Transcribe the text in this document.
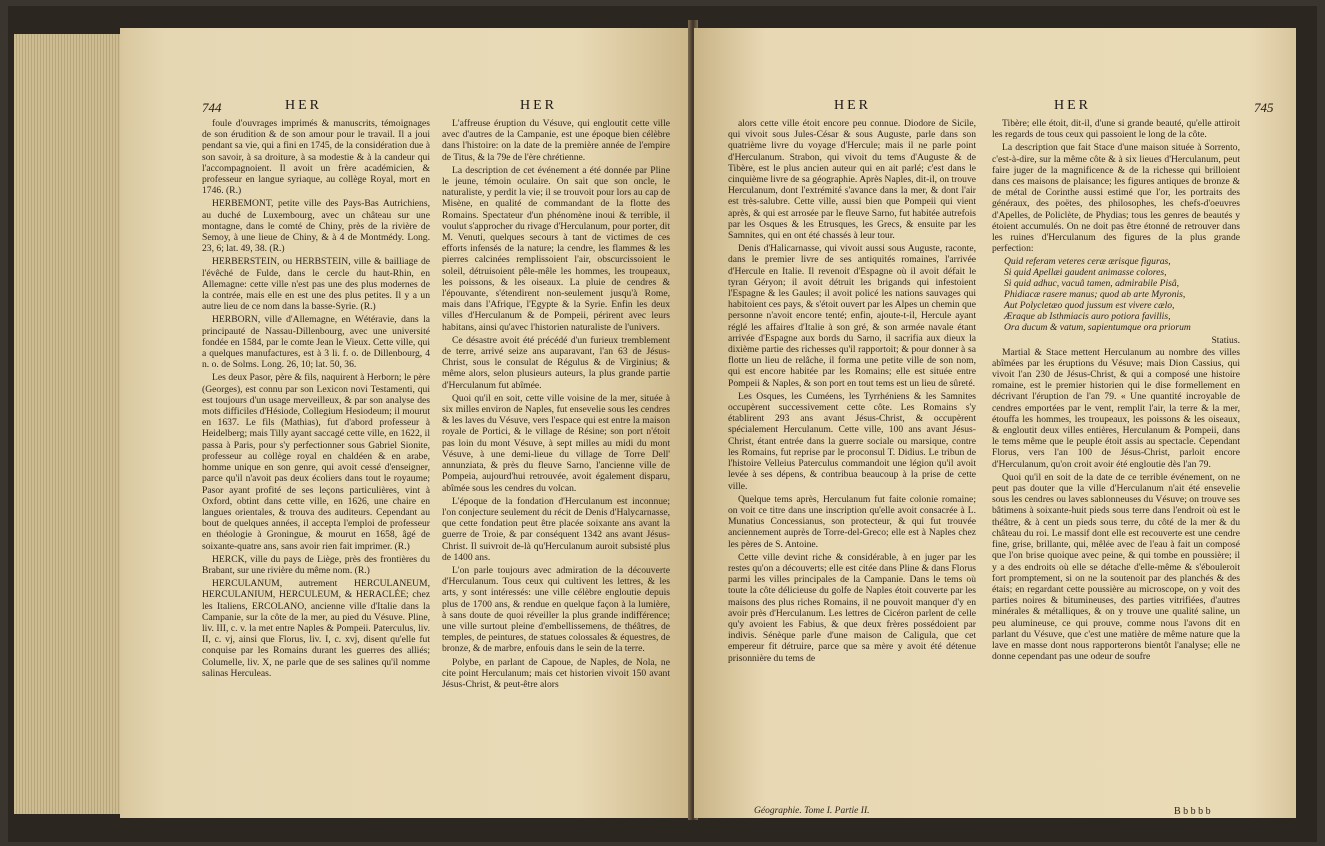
744	HER	HER

foule d'ouvrages imprimés & manuscrits, témoignages de son érudition & de son amour pour le travail. Il a joui pendant sa vie, qui a fini en 1745, de la considération due à son savoir, à sa droiture, à sa modestie & à la candeur qui l'accompagnoient. Il avoit un frère académicien, & professeur en langue syriaque, au collège Royal, mort en 1746. (R.)

HERBEMONT, petite ville des Pays-Bas Autrichiens, au duché de Luxembourg, avec un château sur une montagne, dans le comté de Chiny, près de la rivière de Semoy, à une lieue de Chiny, & à 4 de Montmédy. Long. 23, 6; lat. 49, 38. (R.)

HERBERSTEIN, ou HERBSTEIN, ville & bailliage de l'évêché de Fulde, dans le cercle du haut-Rhin, en Allemagne: cette ville n'est pas une des plus modernes de la contrée, mais elle en est une des plus petites. Il y a un autre lieu de ce nom dans la basse-Syrie. (R.)

HERBORN, ville d'Allemagne, en Wétéravie, dans la principauté de Nassau-Dillenbourg, avec une université fondée en 1584, par le comte Jean le Vieux. Cette ville, qui a quelques manufactures, est à 3 li. f. o. de Dillenbourg, 4 n. o. de Solms. Long. 26, 10; lat. 50, 36.

Les deux Pasor, père & fils, naquirent à Herborn; le père (Georges), est connu par son Lexicon novi Testamenti, qui est toujours d'un usage merveilleux, & par son analyse des mots difficiles d'Hésiode, Collegium Hesiodeum; il mourut en 1637. Le fils (Mathias), fut d'abord professeur à Heidelberg; mais Tilly ayant saccagé cette ville, en 1622, il passa à Paris, pour s'y perfectionner sous Gabriel Sionite, professeur au collège royal en chaldéen & en arabe, homme unique en son genre, qui avoit cessé d'enseigner, parce qu'il n'avoit pas deux écoliers dans tout le royaume; Pasor ayant profité de ses leçons particulières, vint à Oxford, obtint dans cette ville, en 1626, une chaire en langues orientales, & trouva des auditeurs. Cependant au bout de quelques années, il accepta l'emploi de professeur en théologie à Groningue, & mourut en 1658, âgé de soixante-quatre ans, sans avoir rien fait imprimer. (R.)

HERCK, ville du pays de Liège, près des frontières du Brabant, sur une rivière du même nom. (R.)

HERCULANUM, autrement HERCULANEUM, HERCULANIUM, HERCULEUM, & HERACLÉE; chez les Italiens, ERCOLANO, ancienne ville d'Italie dans la Campanie, sur la côte de la mer, au pied du Vésuve. Pline, liv. III, c. v. la met entre Naples & Pompeii. Paterculus, liv. II, c. vj, ainsi que Florus, liv. I, c. xvj, disent qu'elle fut conquise par les Romains durant les guerres des alliés; Columelle, liv. X, ne parle que de ses salines qu'il nomme salinas Herculeas.

L'affreuse éruption du Vésuve, qui engloutit cette ville avec d'autres de la Campanie, est une époque bien célèbre dans l'histoire: on la date de la première année de l'empire de Titus, & la 79e de l'ère chrétienne.

La description de cet événement a été donnée par Pline le jeune, témoin oculaire. On sait que son oncle, le naturaliste, y perdit la vie; il se trouvoit pour lors au cap de Misène, en qualité de commandant de la flotte des Romains. Spectateur d'un phénomène inoui & terrible, il voulut s'approcher du rivage d'Herculanum, pour porter, dit M. Venuti, quelques secours à tant de victimes de ces efforts infensés de la nature; la cendre, les flammes & les pierres calcinées remplissoient l'air, obscurcissoient le soleil, détruisoient pêle-mêle les hommes, les troupeaux, les poissons, & les oiseaux. La pluie de cendres & l'épouvante, s'étendirent non-seulement jusqu'à Rome, mais dans l'Afrique, l'Egypte & la Syrie. Enfin les deux villes d'Herculanum & de Pompeii, périrent avec leurs habitans, ainsi qu'avec l'historien naturaliste de l'univers.

Ce désastre avoit été précédé d'un furieux tremblement de terre, arrivé seize ans auparavant, l'an 63 de Jésus-Christ, sous le consulat de Régulus & de Virginius; & même alors, selon plusieurs auteurs, la plus grande partie d'Herculanum fut abîmée.

Quoi qu'il en soit, cette ville voisine de la mer, située à six milles environ de Naples, fut ensevelie sous les cendres & les laves du Vésuve, vers l'espace qui est entre la maison royale de Portici, & le village de Résine; son port n'étoit pas loin du mont Vésuve, à sept milles au midi du mont Vésuve, à une demi-lieue du village de Torre Dell' annunziata, & près du fleuve Sarno, l'ancienne ville de Pompeia, aujourd'hui retrouvée, avoit également disparu, abîmée sous les cendres du volcan.

L'époque de la fondation d'Herculanum est inconnue; l'on conjecture seulement du récit de Denis d'Halycarnasse, que cette fondation peut être placée soixante ans avant la guerre de Troie, & par conséquent 1342 ans avant Jésus-Christ. Il suivroit de-là qu'Herculanum auroit subsisté plus de 1400 ans.

L'on parle toujours avec admiration de la découverte d'Herculanum. Tous ceux qui cultivent les lettres, & les arts, y sont intéressés: une ville célèbre engloutie depuis plus de 1700 ans, & rendue en quelque façon à la lumière, à sans doute de quoi réveiller la plus grande indifférence; une ville surtout pleine d'embellissemens, de théâtres, de temples, de peintures, de statues colossales & équestres, de bronze, & de marbre, enfouis dans le sein de la terre.

Polybe, en parlant de Capoue, de Naples, de Nola, ne cite point Herculanum; mais cet historien vivoit 150 avant Jésus-Christ, & peut-être alors

HER	HER	745

alors cette ville étoit encore peu connue. Diodore de Sicile, qui vivoit sous Jules-César & sous Auguste, parle dans son quatrième livre du voyage d'Hercule; mais il ne parle point d'Herculanum. Strabon, qui vivoit du tems d'Auguste & de Tibère, est le plus ancien auteur qui en ait parlé; c'est dans le cinquième livre de sa géographie. Après Naples, dit-il, on trouve Herculanum, dont l'extrémité s'avance dans la mer, & dont l'air est très-salubre. Cette ville, aussi bien que Pompeii qui vient après, & qui est arrosée par le fleuve Sarno, fut habitée autrefois par les Osques & les Etrusques, les Grecs, & ensuite par les Samnites, qui en ont été chassés à leur tour.

Denis d'Halicarnasse, qui vivoit aussi sous Auguste, raconte, dans le premier livre de ses antiquités romaines, l'arrivée d'Hercule en Italie. Il revenoit d'Espagne où il avoit défait le tyran Géryon; il avoit détruit les brigands qui infestoient l'Espagne & les Gaules; il avoit policé les nations sauvages qui habitoient ces pays, & s'étoit ouvert par les Alpes un chemin que personne n'avoit encore tenté; enfin, ajoute-t-il, Hercule ayant réglé les affaires d'Italie à son gré, & son armée navale étant arrivée d'Espagne aux bords du Sarno, il sacrifia aux dieux la dixième partie des richesses qu'il rapportoit; & pour donner à sa flotte un lieu de relâche, il forma une petite ville de son nom, qui est encore habitée par les Romains; elle est située entre Pompeii & Naples, & son port en tout tems est un lieu de sûreté.

Les Osques, les Cuméens, les Tyrrhéniens & les Samnites occupèrent successivement cette côte. Les Romains s'y établirent 293 ans avant Jésus-Christ, & occupèrent spécialement Herculanum. Cette ville, 100 ans avant Jésus-Christ, étant entrée dans la guerre sociale ou marsique, contre les Romains, fut reprise par le proconsul T. Didius. Le tribun de l'histoire Velleius Paterculus commandoit une légion qu'il avoit levée à ses dépens, & contribua beaucoup à la prise de cette ville.

Quelque tems après, Herculanum fut faite colonie romaine; on voit ce titre dans une inscription qu'elle avoit consacrée à L. Munatius Concessianus, son protecteur, & qui fut trouvée anciennement auprès de Torre-del-Greco; elle est à Naples chez les pères de S. Antoine.

Cette ville devint riche & considérable, à en juger par les restes qu'on a découverts; elle est citée dans Pline & dans Florus parmi les villes principales de la Campanie. Dans le tems où toute la côte délicieuse du golfe de Naples étoit couverte par les maisons des plus riches Romains, il ne pouvoit manquer d'y en avoir près d'Herculanum. Les lettres de Cicéron parlent de celle qu'y avoient les Fabius, & que deux frères possédoient par indivis. Sénèque parle d'une maison de Caligula, que cet empereur fit détruire, parce que sa mère y avoit été détenue prisonnière du tems de

Tibère; elle étoit, dit-il, d'une si grande beauté, qu'elle attiroit les regards de tous ceux qui passoient le long de la côte.

La description que fait Stace d'une maison située à Sorrento, c'est-à-dire, sur la même côte & à six lieues d'Herculanum, peut faire juger de la magnificence & de la richesse qui brilloient dans ces maisons de plaisance; les figures antiques de bronze & de métal de Corinthe aussi estimé que l'or, les portraits des généraux, des poëtes, des philosophes, les chefs-d'oeuvres d'Apelles, de Policlète, de Phydias; tous les genres de beautés y étoient accumulés. On ne doit pas être étonné de retrouver dans les ruines d'Herculanum des figures de la plus grande perfection:

Quid referam veteres ceræ ærisque figuras,
Si quid Apellæi gaudent animasse colores,
Si quid adhuc, vacuâ tamen, admirabile Pisâ,
Phidiacæ rasere manus; quod ab arte Myronis,
Aut Polycletæo quod jussum est vivere cælo,
Æraque ab Isthmiacis auro potiora favillis,
Ora ducum & vatum, sapientumque ora priorum
Statius.

Martial & Stace mettent Herculanum au nombre des villes abîmées par les éruptions du Vésuve; mais Dion Cassius, qui vivoit l'an 230 de Jésus-Christ, & qui a composé une histoire romaine, est le premier historien qui le dise formellement en décrivant l'éruption de l'an 79. « Une quantité incroyable de cendres emportées par le vent, remplit l'air, la terre & la mer, étouffa les hommes, les troupeaux, les poissons & les oiseaux, & engloutit deux villes entières, Herculanum & Pompeii, dans le tems même que le peuple étoit assis au spectacle. Cependant Florus, vers l'an 100 de Jésus-Christ, parloit encore d'Herculanum, qu'on croit avoir été engloutie dès l'an 79.

Quoi qu'il en soit de la date de ce terrible événement, on ne peut pas douter que la ville d'Herculanum n'ait été ensevelie sous les cendres ou laves sablonneuses du Vésuve; on trouve ses bâtimens à soixante-huit pieds sous terre dans l'endroit où est le théâtre, & à cent un pieds sous terre, du côté de la mer & du château du roi. Le massif dont elle est recouverte est une cendre fine, grise, brillante, qui, mêlée avec de l'eau à fait un composé que l'on brise quoique avec peine, & qui tombe en poussière; il y a des endroits où elle se détache d'elle-même & s'ébouleroit fort promptement, si on ne la soutenoit par des planchés & des étais; en regardant cette poussière au microscope, on y voit des parties noires & bitumineuses, des parties vitrifiées, d'autres minérales & métalliques, & on y trouve une qualité saline, un peu alumineuse, ce qui prouve, comme nous l'avons dit en parlant du Vésuve, que c'est une matière de même nature que la lave en masse dont nous rapporterons bientôt l'analyse; elle ne donne cependant pas une odeur de soufre

Géographie. Tome I. Partie II.	B b b b b
